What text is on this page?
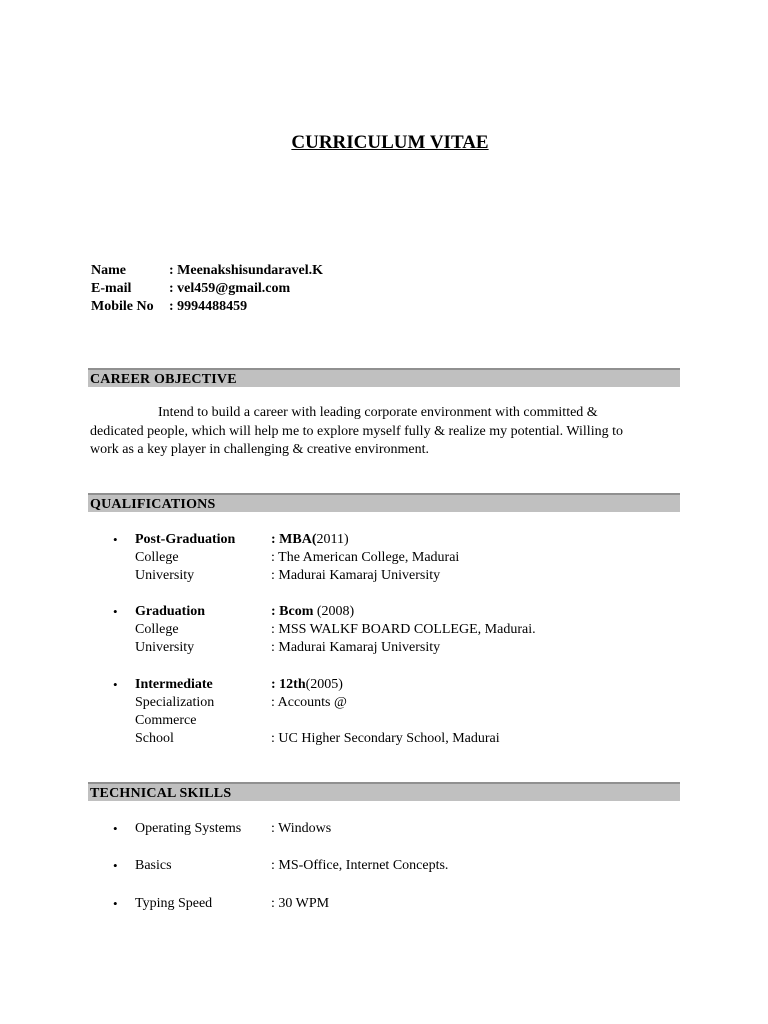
CURRICULUM VITAE
Name	: Meenakshisundaravel.K
E-mail	: vel459@gmail.com
Mobile No	: 9994488459
CAREER OBJECTIVE
Intend to build a career with leading corporate environment with committed &
dedicated people, which will help me to explore myself fully & realize my potential. Willing to
work as a key player in challenging & creative environment.
QUALIFICATIONS
• Post-Graduation	: MBA(2011)
College	: The American College, Madurai
University	: Madurai Kamaraj University
• Graduation	: Bcom (2008)
College	: MSS WALKF BOARD COLLEGE, Madurai.
University	: Madurai Kamaraj University
• Intermediate	: 12th(2005)
Specialization	: Accounts @
Commerce
School	: UC Higher Secondary School, Madurai
TECHNICAL SKILLS
• Operating Systems : Windows
• Basics	: MS-Office, Internet Concepts.
• Typing Speed	: 30 WPM
